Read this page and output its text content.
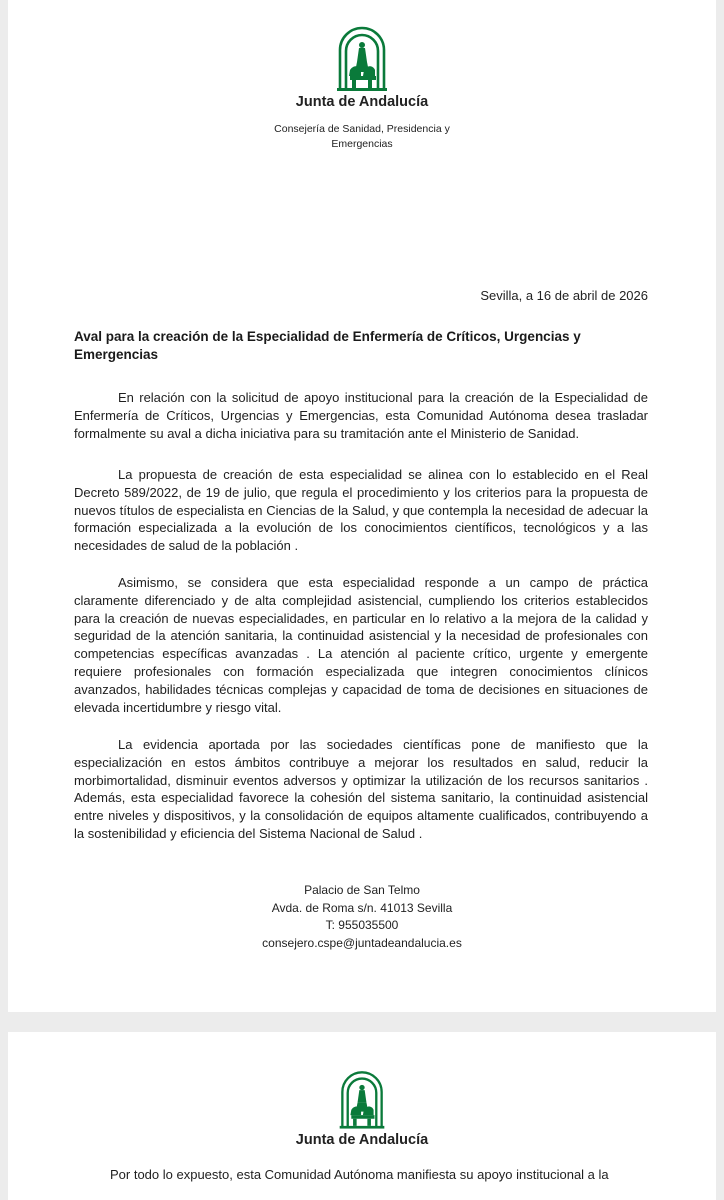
Junta de Andalucía
Consejería de Sanidad, Presidencia y
Emergencias
Sevilla, a 16 de abril de 2026
Aval para la creación de la Especialidad de Enfermería de Críticos, Urgencias y Emergencias

En relación con la solicitud de apoyo institucional para la creación de la Especialidad de Enfermería de Críticos, Urgencias y Emergencias, esta Comunidad Autónoma desea trasladar formalmente su aval a dicha iniciativa para su tramitación ante el Ministerio de Sanidad.

La propuesta de creación de esta especialidad se alinea con lo establecido en el Real Decreto 589/2022, de 19 de julio, que regula el procedimiento y los criterios para la propuesta de nuevos títulos de especialista en Ciencias de la Salud, y que contempla la necesidad de adecuar la formación especializada a la evolución de los conocimientos científicos, tecnológicos y a las necesidades de salud de la población .

Asimismo, se considera que esta especialidad responde a un campo de práctica claramente diferenciado y de alta complejidad asistencial, cumpliendo los criterios establecidos para la creación de nuevas especialidades, en particular en lo relativo a la mejora de la calidad y seguridad de la atención sanitaria, la continuidad asistencial y la necesidad de profesionales con competencias específicas avanzadas . La atención al paciente crítico, urgente y emergente requiere profesionales con formación especializada que integren conocimientos clínicos avanzados, habilidades técnicas complejas y capacidad de toma de decisiones en situaciones de elevada incertidumbre y riesgo vital.

La evidencia aportada por las sociedades científicas pone de manifiesto que la especialización en estos ámbitos contribuye a mejorar los resultados en salud, reducir la morbimortalidad, disminuir eventos adversos y optimizar la utilización de los recursos sanitarios . Además, esta especialidad favorece la cohesión del sistema sanitario, la continuidad asistencial entre niveles y dispositivos, y la consolidación de equipos altamente cualificados, contribuyendo a la sostenibilidad y eficiencia del Sistema Nacional de Salud .

Palacio de San Telmo
Avda. de Roma s/n. 41013 Sevilla
T: 955035500
consejero.cspe@juntadeandalucia.es
Junta de Andalucía

Por todo lo expuesto, esta Comunidad Autónoma manifiesta su apoyo institucional a la
